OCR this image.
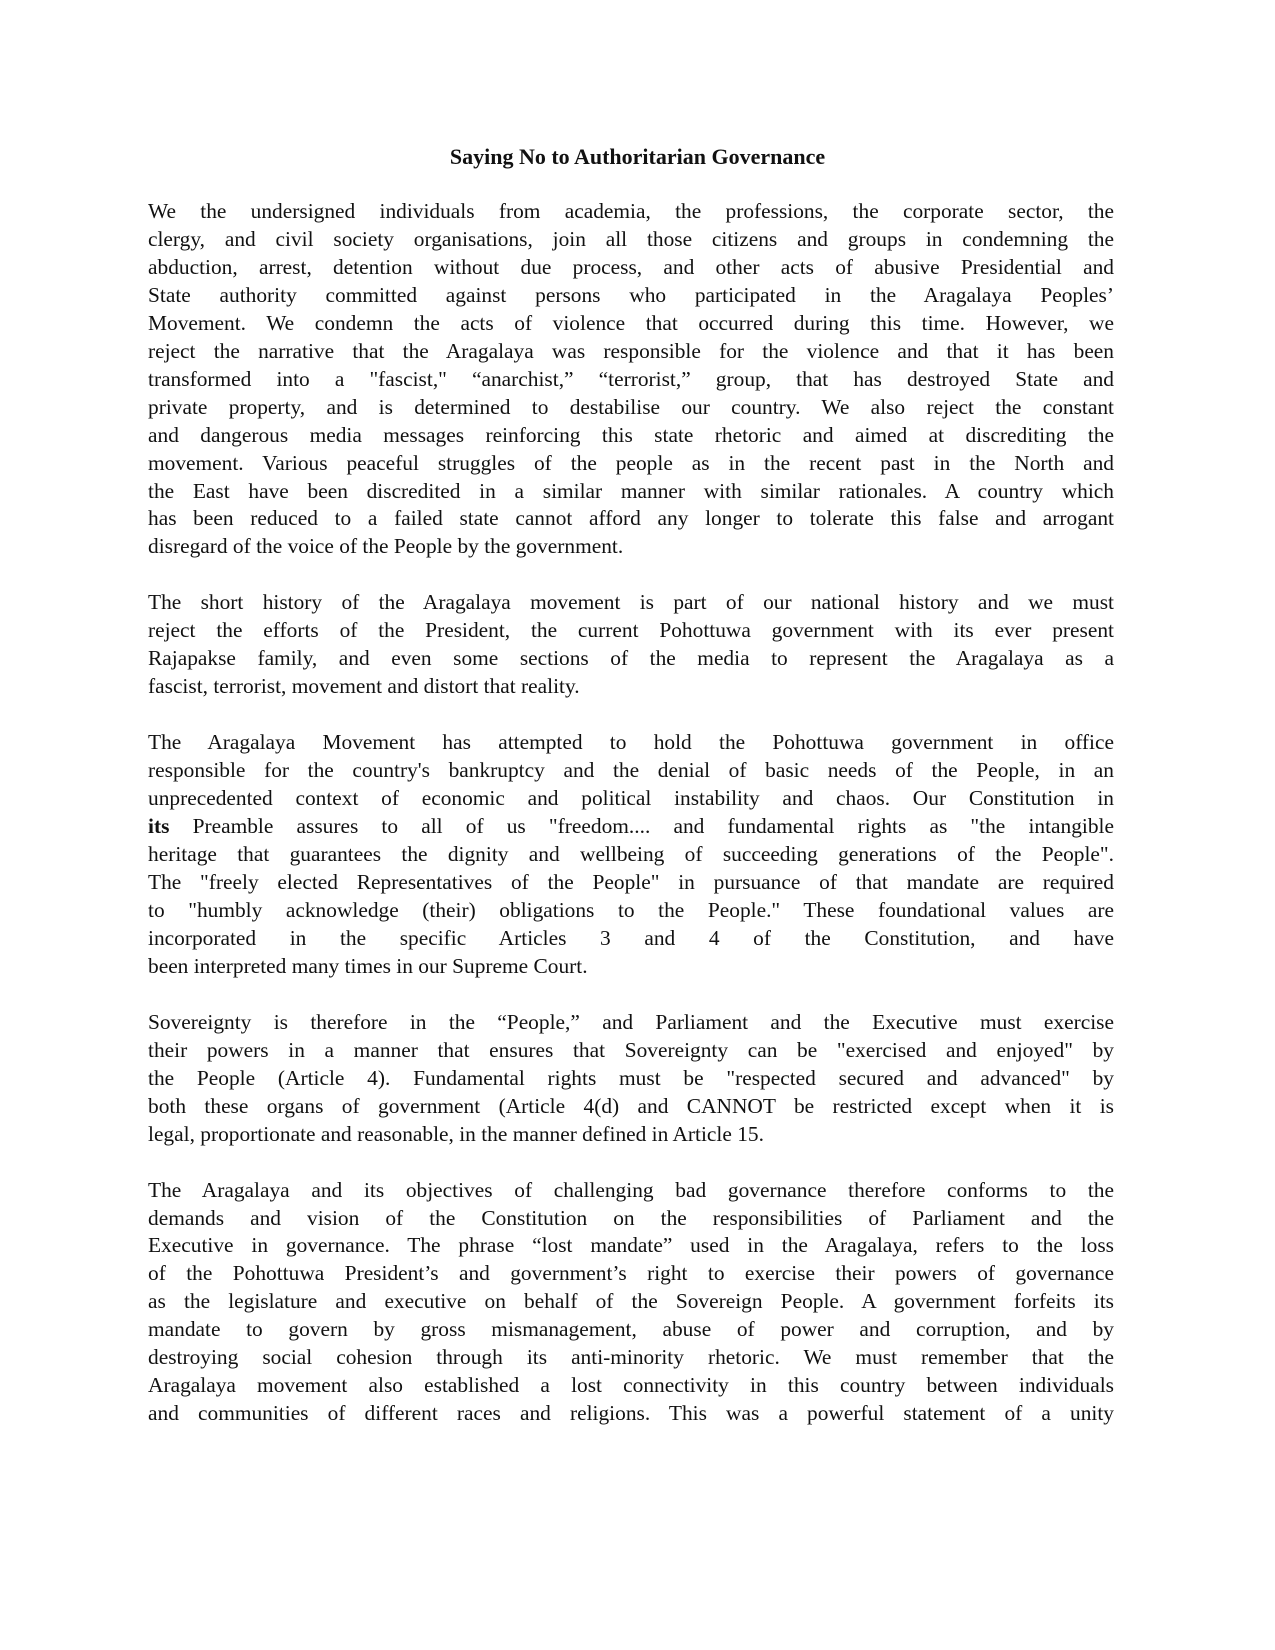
Saying No to Authoritarian Governance

We the undersigned individuals from academia, the professions, the corporate sector, the
clergy, and civil society organisations, join all those citizens and groups in condemning the
abduction, arrest, detention without due process, and other acts of abusive Presidential and
State authority committed against persons who participated in the Aragalaya Peoples’
Movement. We condemn the acts of violence that occurred during this time. However, we
reject the narrative that the Aragalaya was responsible for the violence and that it has been
transformed into a "fascist," “anarchist,” “terrorist,” group, that has destroyed State and
private property, and is determined to destabilise our country. We also reject the constant
and dangerous media messages reinforcing this state rhetoric and aimed at discrediting the
movement. Various peaceful struggles of the people as in the recent past in the North and
the East have been discredited in a similar manner with similar rationales. A country which
has been reduced to a failed state cannot afford any longer to tolerate this false and arrogant
disregard of the voice of the People by the government.

The short history of the Aragalaya movement is part of our national history and we must
reject the efforts of the President, the current Pohottuwa government with its ever present
Rajapakse family, and even some sections of the media to represent the Aragalaya as a
fascist, terrorist, movement and distort that reality.

The Aragalaya Movement has attempted to hold the Pohottuwa government in office
responsible for the country's bankruptcy and the denial of basic needs of the People, in an
unprecedented context of economic and political instability and chaos. Our Constitution in
its Preamble assures to all of us "freedom.... and fundamental rights as "the intangible
heritage that guarantees the dignity and wellbeing of succeeding generations of the People".
The "freely elected Representatives of the People" in pursuance of that mandate are required
to "humbly acknowledge (their) obligations to the People." These foundational values are
incorporated in the specific Articles 3 and 4 of the Constitution, and have
been interpreted many times in our Supreme Court.

Sovereignty is therefore in the “People,” and Parliament and the Executive must exercise
their powers in a manner that ensures that Sovereignty can be "exercised and enjoyed" by
the People (Article 4). Fundamental rights must be "respected secured and advanced" by
both these organs of government (Article 4(d) and CANNOT be restricted except when it is
legal, proportionate and reasonable, in the manner defined in Article 15.

The Aragalaya and its objectives of challenging bad governance therefore conforms to the
demands and vision of the Constitution on the responsibilities of Parliament and the
Executive in governance. The phrase “lost mandate” used in the Aragalaya, refers to the loss
of the Pohottuwa President’s and government’s right to exercise their powers of governance
as the legislature and executive on behalf of the Sovereign People. A government forfeits its
mandate to govern by gross mismanagement, abuse of power and corruption, and by
destroying social cohesion through its anti-minority rhetoric. We must remember that the
Aragalaya movement also established a lost connectivity in this country between individuals
and communities of different races and religions. This was a powerful statement of a unity
